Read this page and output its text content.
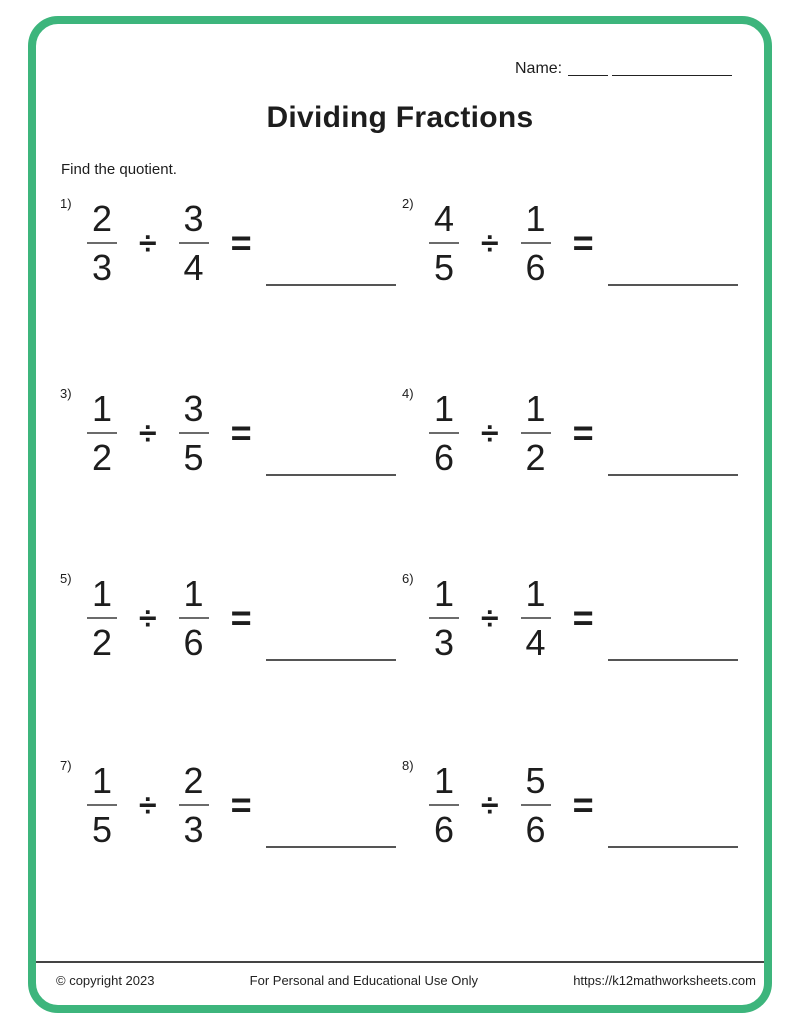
Name:
Dividing Fractions
Find the quotient.
$1) \frac{2}{3} \div \frac{3}{4}$ =
$2) \frac{4}{5} \div \frac{1}{6}$ =
$3) \frac{1}{2} \div \frac{3}{5}$ =
$4) \frac{1}{6} \div \frac{1}{2}$ =
$5) \frac{1}{2} \div \frac{1}{6}$ =
$6) \frac{1}{3} \div \frac{1}{4}$ =
$7) \frac{1}{5} \div \frac{2}{3}$ =
$8) \frac{1}{6} \div \frac{5}{6}$ =
© copyright 2023	For Personal and Educational Use Only	https://k12mathworksheets.com
